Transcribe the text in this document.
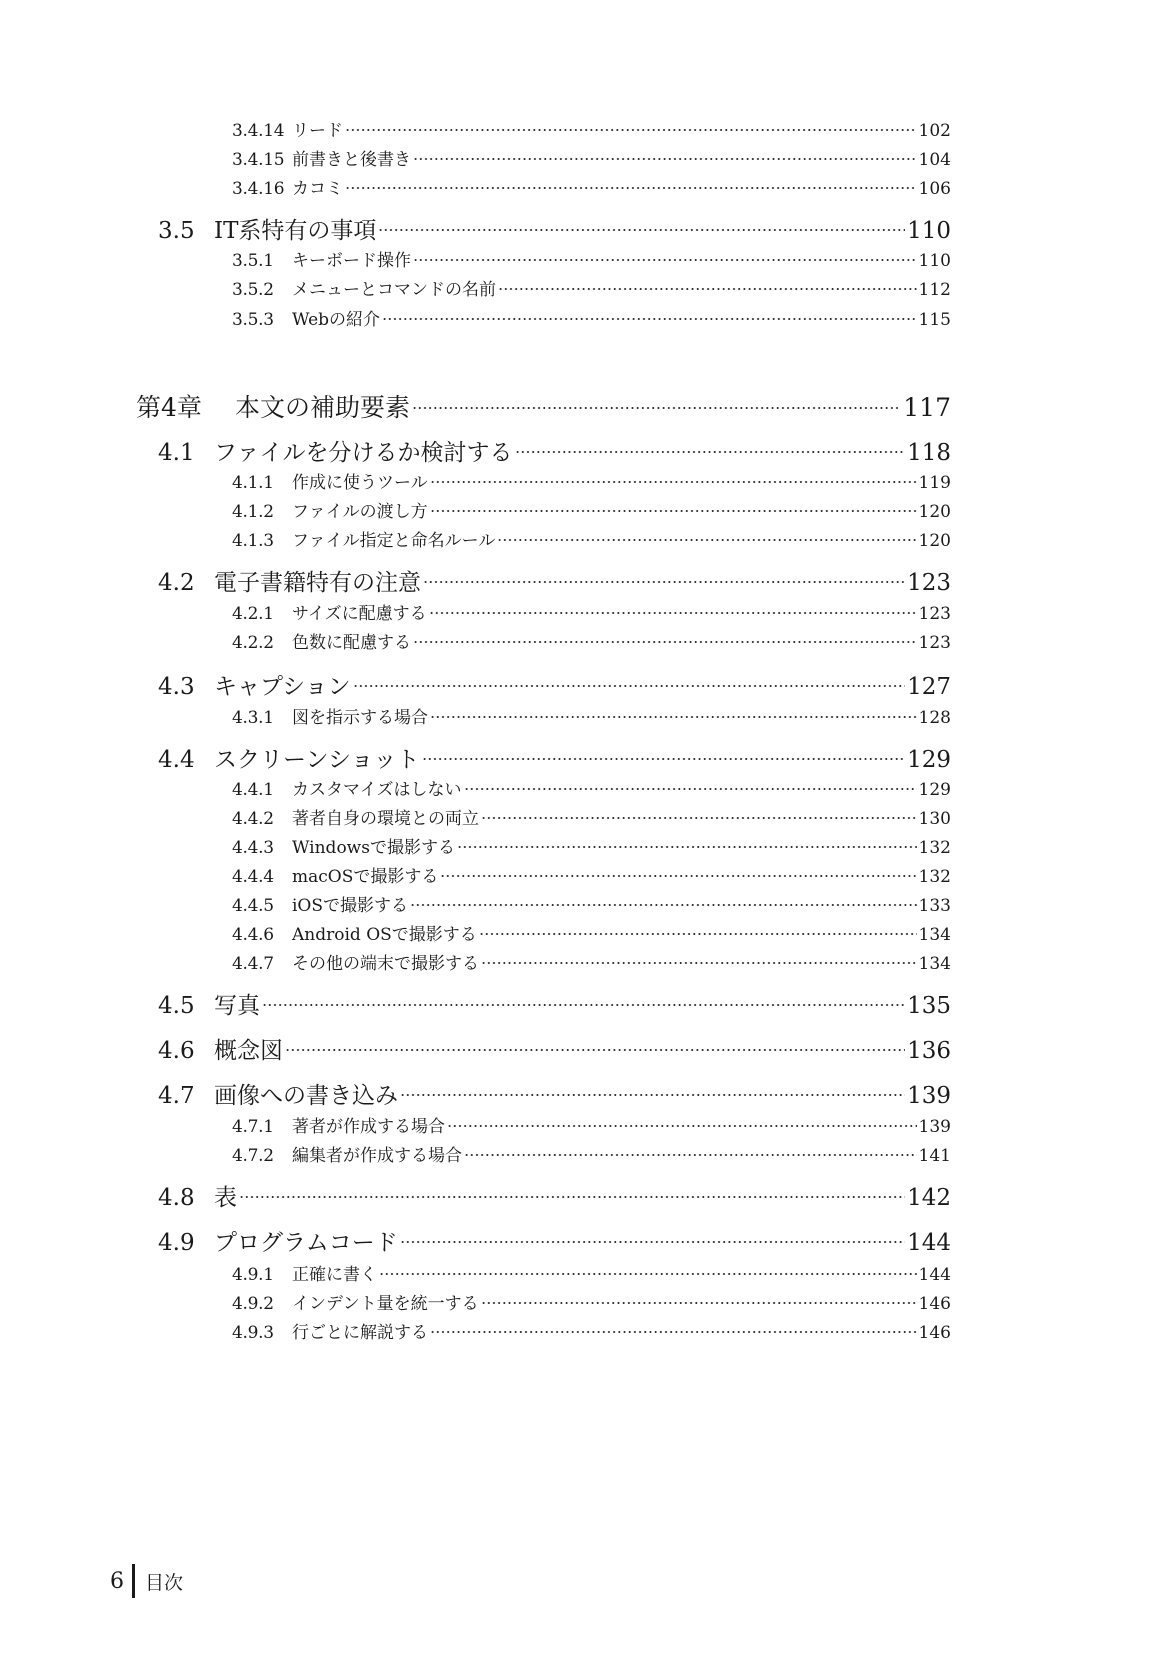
3.4.14 リード	102
3.4.15 前書きと後書き	104
3.4.16 カコミ	106
3.5 IT系特有の事項	110
3.5.1	キーボード操作	110
3.5.2	メニューとコマンドの名前	112
3.5.3	Webの紹介	115
第4章	本文の補助要素	117
4.1 ファイルを分けるか検討する	118
4.1.1	作成に使うツール	119
4.1.2	ファイルの渡し方	120
4.1.3	ファイル指定と命名ルール	120
4.2 電子書籍特有の注意	123
4.2.1	サイズに配慮する	123
4.2.2	色数に配慮する	123
4.3 キャプション	127
4.3.1	図を指示する場合	128
4.4 スクリーンショット	129
4.4.1	カスタマイズはしない	129
4.4.2	著者自身の環境との両立	130
4.4.3	Windowsで撮影する	132
4.4.4	macOSで撮影する	132
4.4.5	iOSで撮影する	133
4.4.6	Android OSで撮影する	134
4.4.7	その他の端末で撮影する	134
4.5 写真	135
4.6 概念図	136
4.7 画像への書き込み	139
4.7.1	著者が作成する場合	139
4.7.2	編集者が作成する場合	141
4.8 表	142
4.9 プログラムコード	144
4.9.1	正確に書く	144
4.9.2	インデント量を統一する	146
4.9.3	行ごとに解説する	146
6	目次
